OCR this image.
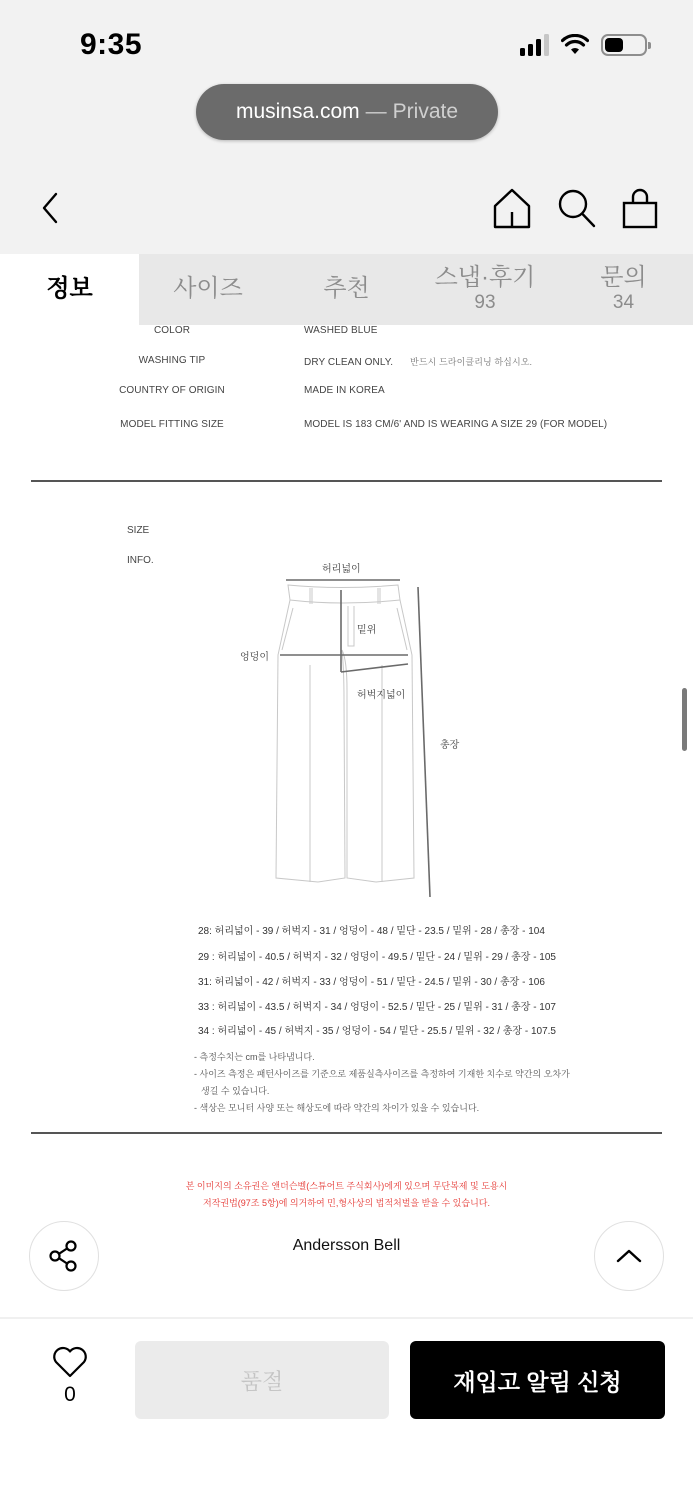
9:35
musinsa.com — Private
정보	사이즈	추천	스냅·후기
93
문의
34
COLOR	WASHED BLUE
WASHING TIP	DRY CLEAN ONLY. 반드시 드라이클리닝 하십시오.
COUNTRY OF ORIGIN	MADE IN KOREA
MODEL FITTING SIZE	MODEL IS 183 CM/6' AND IS WEARING A SIZE 29 (FOR MODEL)
SIZE
INFO.
허리넓이
밑위
엉덩이
허벅지넓이
총장
28: 허리넓이 - 39 / 허벅지 - 31 / 엉덩이 - 48 / 밑단 - 23.5 / 밑위 - 28 / 총장 - 104
29 : 허리넓이 - 40.5 / 허벅지 - 32 / 엉덩이 - 49.5 / 밑단 - 24 / 밑위 - 29 / 총장 - 105
31: 허리넓이 - 42 / 허벅지 - 33 / 엉덩이 - 51 / 밑단 - 24.5 / 밑위 - 30 / 총장 - 106
33 : 허리넓이 - 43.5 / 허벅지 - 34 / 엉덩이 - 52.5 / 밑단 - 25 / 밑위 - 31 / 총장 - 107
34 : 허리넓이 - 45 / 허벅지 - 35 / 엉덩이 - 54 / 밑단 - 25.5 / 밑위 - 32 / 총장 - 107.5
- 측정수치는 cm를 나타냅니다.
- 사이즈 측정은 패턴사이즈를 기준으로 제품실측사이즈를 측정하여 기재한 치수로 약간의 오차가
생길 수 있습니다.
- 색상은 모니터 사양 또는 해상도에 따라 약간의 차이가 있을 수 있습니다.
본 이미지의 소유권은 앤더슨벨(스튜어트 주식회사)에게 있으며 무단복제 및 도용시
저작권법(97조 5항)에 의거하여 민,형사상의 법적처벌을 받을 수 있습니다.
Andersson Bell
0
품절	재입고 알림 신청
